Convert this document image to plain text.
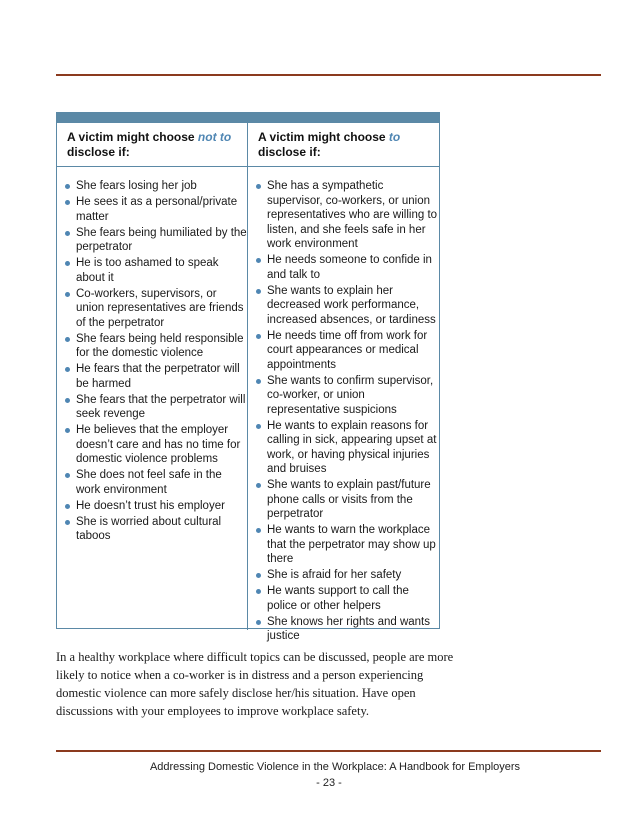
A victim might choose not to
disclose if:
She fears losing her job
He sees it as a personal/private matter
She fears being humiliated by the perpetrator
He is too ashamed to speak about it
Co-workers, supervisors, or union representatives are friends of the perpetrator
She fears being held responsible for the domestic violence
He fears that the perpetrator will be harmed
She fears that the perpetrator will seek revenge
He believes that the employer doesn’t care and has no time for domestic violence problems
She does not feel safe in the work environment
He doesn’t trust his employer
She is worried about cultural taboos
A victim might choose to
disclose if:
She has a sympathetic supervisor, co-workers, or union representatives who are willing to listen, and she feels safe in her work environment
He needs someone to confide in and talk to
She wants to explain her decreased work performance, increased absences, or tardiness
He needs time off from work for court appearances or medical appointments
She wants to confirm supervisor, co-worker, or union representative suspicions
He wants to explain reasons for calling in sick, appearing upset at work, or having physical injuries and bruises
She wants to explain past/future phone calls or visits from the perpetrator
He wants to warn the workplace that the perpetrator may show up there
She is afraid for her safety
He wants support to call the police or other helpers
She knows her rights and wants justice
In a healthy workplace where difficult topics can be discussed, people are more likely to notice when a co-worker is in distress and a person experiencing domestic violence can more safely disclose her/his situation. Have open discussions with your employees to improve workplace safety.
Addressing Domestic Violence in the Workplace: A Handbook for Employers
- 23 -
